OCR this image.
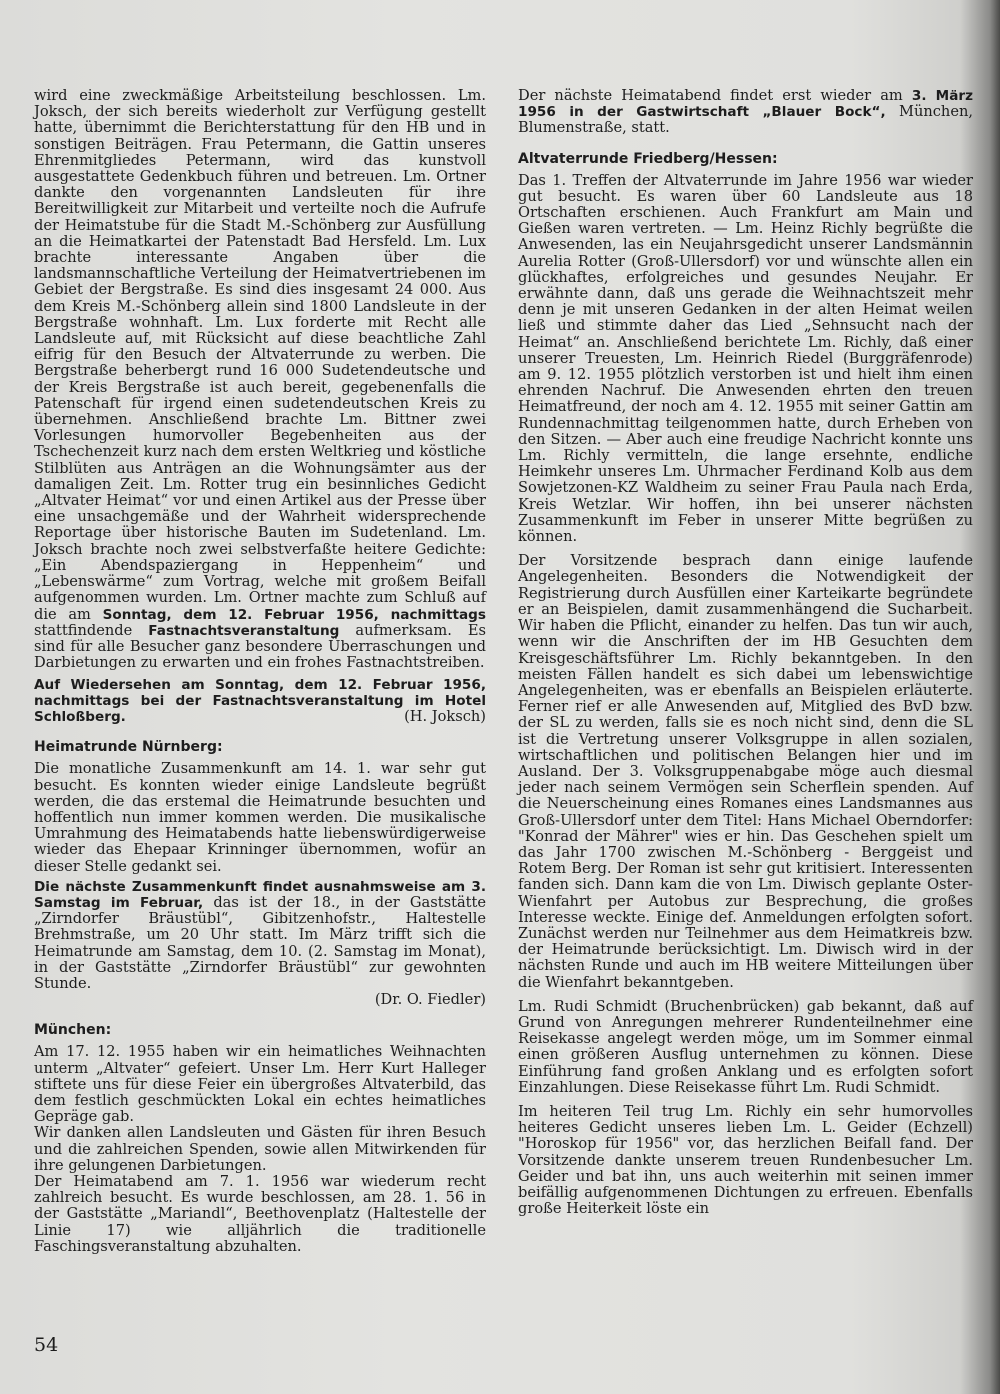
wird eine zweckmäßige Arbeitsteilung beschlossen. Lm. Joksch, der sich bereits wiederholt zur Verfügung gestellt hatte, übernimmt die Berichterstattung für den HB und in sonstigen Beiträgen. Frau Petermann, die Gattin unseres Ehrenmitgliedes Petermann, wird das kunstvoll ausgestattete Gedenkbuch führen und betreuen. Lm. Ortner dankte den vorgenannten Landsleuten für ihre Bereitwilligkeit zur Mitarbeit und verteilte noch die Aufrufe der Heimatstube für die Stadt M.-Schönberg zur Ausfüllung an die Heimatkartei der Patenstadt Bad Hersfeld. Lm. Lux brachte interessante Angaben über die landsmannschaftliche Verteilung der Heimatvertriebenen im Gebiet der Bergstraße. Es sind dies insgesamt 24 000. Aus dem Kreis M.-Schönberg allein sind 1800 Landsleute in der Bergstraße wohnhaft. Lm. Lux forderte mit Recht alle Landsleute auf, mit Rücksicht auf diese beachtliche Zahl eifrig für den Besuch der Altvaterrunde zu werben. Die Bergstraße beherbergt rund 16 000 Sudetendeutsche und der Kreis Bergstraße ist auch bereit, gegebenenfalls die Patenschaft für irgend einen sudetendeutschen Kreis zu übernehmen. Anschließend brachte Lm. Bittner zwei Vorlesungen humorvoller Begebenheiten aus der Tschechenzeit kurz nach dem ersten Weltkrieg und köstliche Stilblüten aus Anträgen an die Wohnungsämter aus der damaligen Zeit. Lm. Rotter trug ein besinnliches Gedicht „Altvater Heimat“ vor und einen Artikel aus der Presse über eine unsachgemäße und der Wahrheit widersprechende Reportage über historische Bauten im Sudetenland. Lm. Joksch brachte noch zwei selbstverfaßte heitere Gedichte: „Ein Abendspaziergang in Heppenheim“ und „Lebenswärme“ zum Vortrag, welche mit großem Beifall aufgenommen wurden. Lm. Ortner machte zum Schluß auf die am Sonntag, dem 12. Februar 1956, nachmittags stattfindende Fastnachtsveranstaltung aufmerksam. Es sind für alle Besucher ganz besondere Überraschungen und Darbietungen zu erwarten und ein frohes Fastnachtstreiben.

Auf Wiedersehen am Sonntag, dem 12. Februar 1956, nachmittags bei der Fastnachtsveranstaltung im Hotel Schloßberg.	(H. Joksch)
Heimatrunde Nürnberg:

Die monatliche Zusammenkunft am 14. 1. war sehr gut besucht. Es konnten wieder einige Landsleute begrüßt werden, die das erstemal die Heimatrunde besuchten und hoffentlich nun immer kommen werden. Die musikalische Umrahmung des Heimatabends hatte liebenswürdigerweise wieder das Ehepaar Krinninger übernommen, wofür an dieser Stelle gedankt sei.

Die nächste Zusammenkunft findet ausnahmsweise am 3. Samstag im Februar, das ist der 18., in der Gaststätte „Zirndorfer Bräustübl“, Gibitzenhofstr., Haltestelle Brehmstraße, um 20 Uhr statt. Im März trifft sich die Heimatrunde am Samstag, dem 10. (2. Samstag im Monat), in der Gaststätte „Zirndorfer Bräustübl“ zur gewohnten Stunde.

(Dr. O. Fiedler)

München:

Am 17. 12. 1955 haben wir ein heimatliches Weihnachten unterm „Altvater“ gefeiert. Unser Lm. Herr Kurt Halleger stiftete uns für diese Feier ein übergroßes Altvaterbild, das dem festlich geschmückten Lokal ein echtes heimatliches Gepräge gab.

Wir danken allen Landsleuten und Gästen für ihren Besuch und die zahlreichen Spenden, sowie allen Mitwirkenden für ihre gelungenen Darbietungen.

Der Heimatabend am 7. 1. 1956 war wiederum recht zahlreich besucht. Es wurde beschlossen, am 28. 1. 56 in der Gaststätte „Mariandl“, Beethovenplatz (Haltestelle der Linie 17) wie alljährlich die traditionelle Faschingsveranstaltung abzuhalten.

Der nächste Heimatabend findet erst wieder am 3. März 1956 in der Gastwirtschaft „Blauer Bock“, München, Blumenstraße, statt.

Altvaterrunde Friedberg/Hessen:

Das 1. Treffen der Altvaterrunde im Jahre 1956 war wieder gut besucht. Es waren über 60 Landsleute aus 18 Ortschaften erschienen. Auch Frankfurt am Main und Gießen waren vertreten. — Lm. Heinz Richly begrüßte die Anwesenden, las ein Neujahrsgedicht unserer Landsmännin Aurelia Rotter (Groß-Ullersdorf) vor und wünschte allen ein glückhaftes, erfolgreiches und gesundes Neujahr. Er erwähnte dann, daß uns gerade die Weihnachtszeit mehr denn je mit unseren Gedanken in der alten Heimat weilen ließ und stimmte daher das Lied „Sehnsucht nach der Heimat“ an. Anschließend berichtete Lm. Richly, daß einer unserer Treuesten, Lm. Heinrich Riedel (Burggräfenrode) am 9. 12. 1955 plötzlich verstorben ist und hielt ihm einen ehrenden Nachruf. Die Anwesenden ehrten den treuen Heimatfreund, der noch am 4. 12. 1955 mit seiner Gattin am Rundennachmittag teilgenommen hatte, durch Erheben von den Sitzen. — Aber auch eine freudige Nachricht konnte uns Lm. Richly vermitteln, die lange ersehnte, endliche Heimkehr unseres Lm. Uhrmacher Ferdinand Kolb aus dem Sowjetzonen-KZ Waldheim zu seiner Frau Paula nach Erda, Kreis Wetzlar. Wir hoffen, ihn bei unserer nächsten Zusammenkunft im Feber in unserer Mitte begrüßen zu können.

Der Vorsitzende besprach dann einige laufende Angelegenheiten. Besonders die Notwendigkeit der Registrierung durch Ausfüllen einer Karteikarte begründete er an Beispielen, damit zusammenhängend die Sucharbeit. Wir haben die Pflicht, einander zu helfen. Das tun wir auch, wenn wir die Anschriften der im HB Gesuchten dem Kreisgeschäftsführer Lm. Richly bekanntgeben. In den meisten Fällen handelt es sich dabei um lebenswichtige Angelegenheiten, was er ebenfalls an Beispielen erläuterte. Ferner rief er alle Anwesenden auf, Mitglied des BvD bzw. der SL zu werden, falls sie es noch nicht sind, denn die SL ist die Vertretung unserer Volksgruppe in allen sozialen, wirtschaftlichen und politischen Belangen hier und im Ausland. Der 3. Volksgruppenabgabe möge auch diesmal jeder nach seinem Vermögen sein Scherflein spenden. Auf die Neuerscheinung eines Romanes eines Landsmannes aus Groß-Ullersdorf unter dem Titel: Hans Michael Oberndorfer: "Konrad der Mährer" wies er hin. Das Geschehen spielt um das Jahr 1700 zwischen M.-Schönberg - Berggeist und Rotem Berg. Der Roman ist sehr gut kritisiert. Interessenten fanden sich. Dann kam die von Lm. Diwisch geplante Oster-Wienfahrt per Autobus zur Besprechung, die großes Interesse weckte. Einige def. Anmeldungen erfolgten sofort. Zunächst werden nur Teilnehmer aus dem Heimatkreis bzw. der Heimatrunde berücksichtigt. Lm. Diwisch wird in der nächsten Runde und auch im HB weitere Mitteilungen über die Wienfahrt bekanntgeben.

Lm. Rudi Schmidt (Bruchenbrücken) gab bekannt, daß auf Grund von Anregungen mehrerer Rundenteilnehmer eine Reisekasse angelegt werden möge, um im Sommer einmal einen größeren Ausflug unternehmen zu können. Diese Einführung fand großen Anklang und es erfolgten sofort Einzahlungen. Diese Reisekasse führt Lm. Rudi Schmidt.

Im heiteren Teil trug Lm. Richly ein sehr humorvolles heiteres Gedicht unseres lieben Lm. L. Geider (Echzell) "Horoskop für 1956" vor, das herzlichen Beifall fand. Der Vorsitzende dankte unserem treuen Rundenbesucher Lm. Geider und bat ihn, uns auch weiterhin mit seinen immer beifällig aufgenommenen Dichtungen zu erfreuen. Ebenfalls große Heiterkeit löste ein

54
